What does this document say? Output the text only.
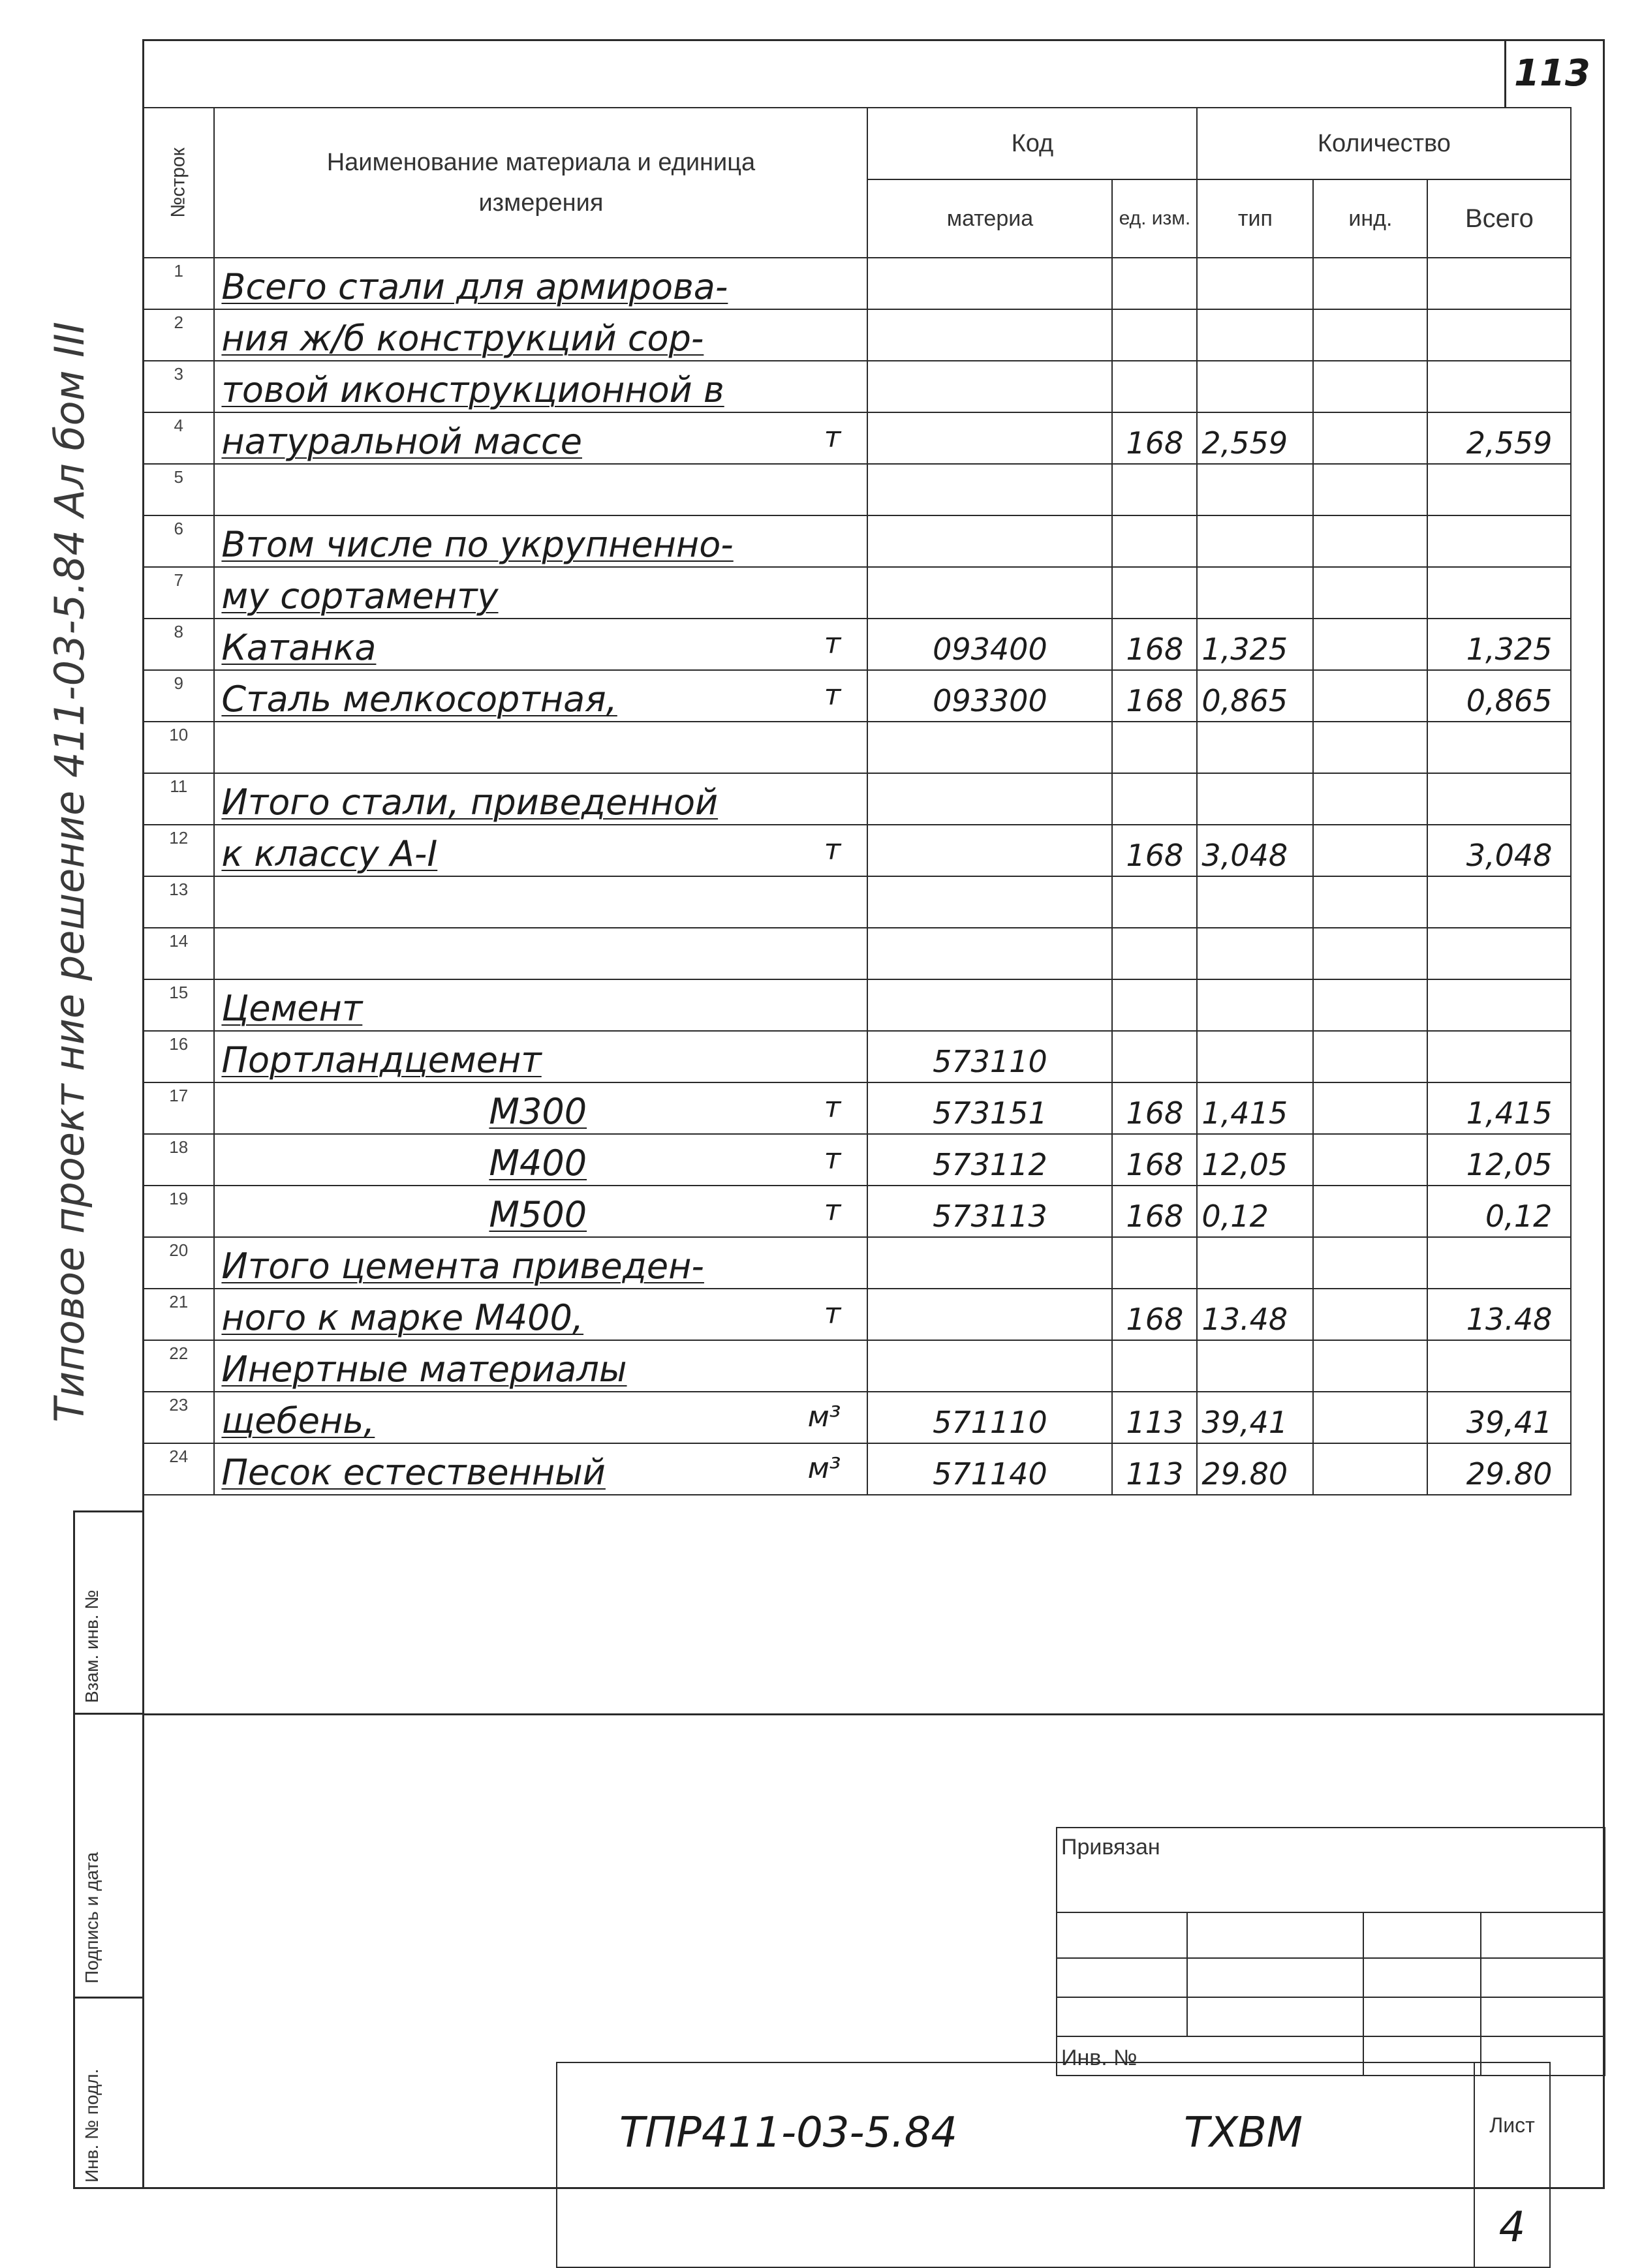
Инв. № подл.
Подпись и дата
Взам. инв. №
Типовое проект ние решение 411-03-5.84 Ал бом III
113
№строк	Наименование материала и единица измерения	Код		Количество		
		материа	ед. изм.	тип	инд.	Всего
1	Всего стали для армирова-

2	ния ж/б конструкций сор-

3	товой иконструкционной в

4	натуральной массе т		168	2,559		2,559
5	

6	Втом числе по укрупненно-

7	му сортаменту

8	Катанка т	093400	168	1,325		1,325
9	Сталь мелкосортная, т	093300	168	0,865		0,865
10	

11	Итого стали, приведенной

12	к классу А-I т		168	3,048		3,048
13	

14	

15	Цемент

16	Портландцемент	573110				
17	М300 т	573151	168	1,415		1,415
18	М400 т	573112	168	12,05		12,05
19	М500 т	573113	168	0,12		0,12
20	Итого цемента приведен-

21	ного к марке М400, т		168	13.48		13.48
22	Инертные материалы

23	щебень, м³	571110	113	39,41		39,41
24	Песок естественный м³	571140	113	29.80		29.80
Привязан			

Инв. №			
ТПР411-03-5.84	ТХВМ	Лист
4
